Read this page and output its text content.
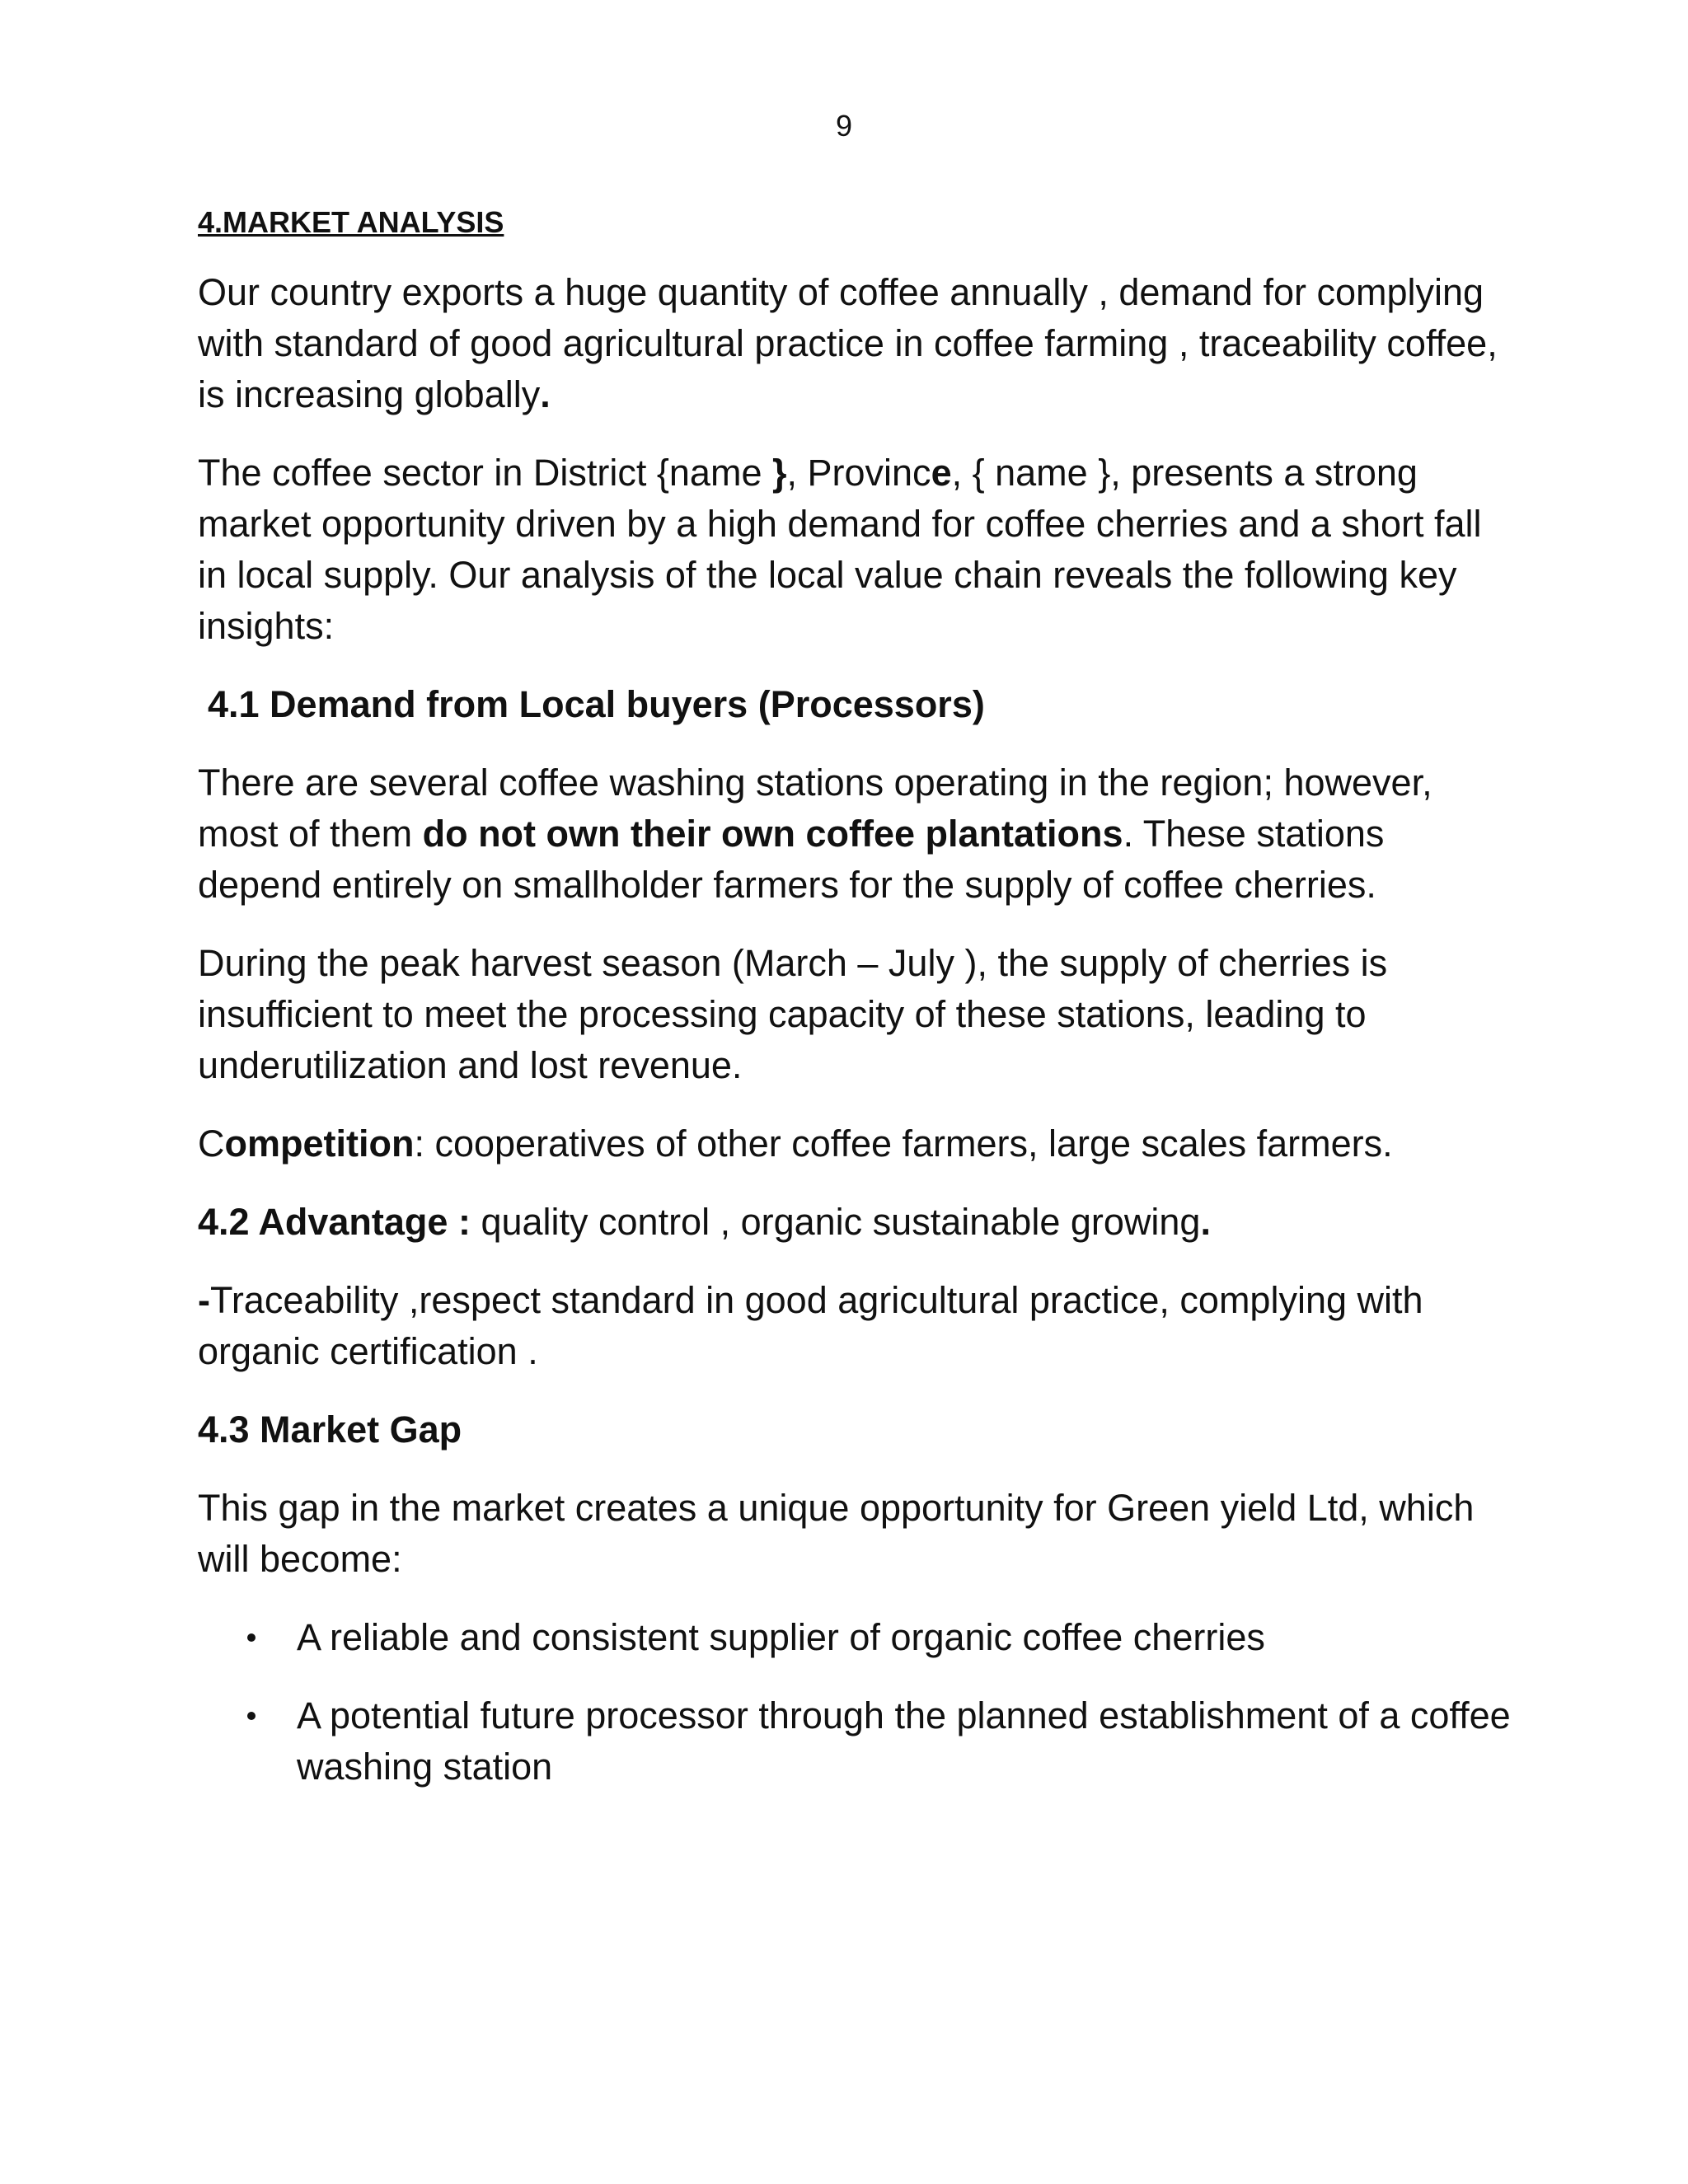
9
4.MARKET ANALYSIS

Our country exports a huge quantity of coffee annually , demand for complying with standard of good agricultural practice in coffee farming , traceability coffee, is increasing globally.

The coffee sector in District {name }, Province, { name }, presents a strong market opportunity driven by a high demand for coffee cherries and a short fall in local supply. Our analysis of the local value chain reveals the following key insights:

4.1 Demand from Local buyers (Processors)

There are several coffee washing stations operating in the region; however, most of them do not own their own coffee plantations. These stations depend entirely on smallholder farmers for the supply of coffee cherries.

During the peak harvest season (March – July ), the supply of cherries is insufficient to meet the processing capacity of these stations, leading to underutilization and lost revenue.

Competition: cooperatives of other coffee farmers, large scales farmers.

4.2 Advantage : quality control , organic sustainable growing.

-Traceability ,respect standard in good agricultural practice, complying with organic certification .

4.3 Market Gap

This gap in the market creates a unique opportunity for Green yield Ltd, which will become:

A reliable and consistent supplier of organic coffee cherries
A potential future processor through the planned establishment of a coffee washing station
